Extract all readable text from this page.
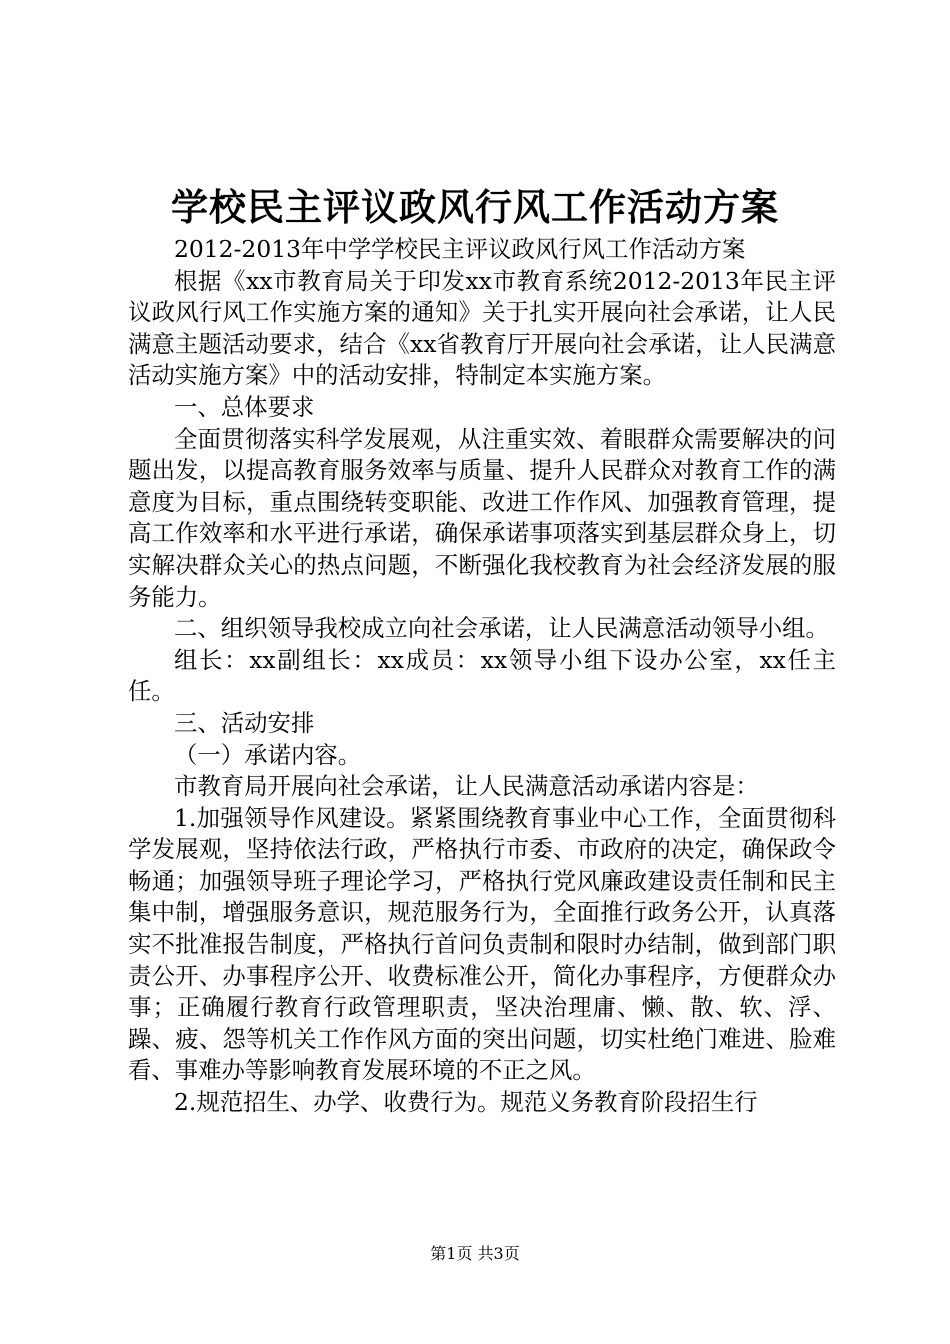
学校民主评议政风行风工作活动方案

2012-2013年中学学校民主评议政风行风工作活动方案

根据《xx市教育局关于印发xx市教育系统2012-2013年民主评议政风行风工作实施方案的通知》关于扎实开展向社会承诺，让人民满意主题活动要求，结合《xx省教育厅开展向社会承诺，让人民满意活动实施方案》中的活动安排，特制定本实施方案。

一、总体要求

全面贯彻落实科学发展观，从注重实效、着眼群众需要解决的问题出发，以提高教育服务效率与质量、提升人民群众对教育工作的满意度为目标，重点围绕转变职能、改进工作作风、加强教育管理，提高工作效率和水平进行承诺，确保承诺事项落实到基层群众身上，切实解决群众关心的热点问题，不断强化我校教育为社会经济发展的服务能力。

二、组织领导我校成立向社会承诺，让人民满意活动领导小组。

组长：xx副组长：xx成员：xx领导小组下设办公室，xx任主任。

三、活动安排

（一）承诺内容。

市教育局开展向社会承诺，让人民满意活动承诺内容是：

1.加强领导作风建设。紧紧围绕教育事业中心工作，全面贯彻科学发展观，坚持依法行政，严格执行市委、市政府的决定，确保政令畅通；加强领导班子理论学习，严格执行党风廉政建设责任制和民主集中制，增强服务意识，规范服务行为，全面推行政务公开，认真落实不批准报告制度，严格执行首问负责制和限时办结制，做到部门职责公开、办事程序公开、收费标准公开，简化办事程序，方便群众办事；正确履行教育行政管理职责，坚决治理庸、懒、散、软、浮、躁、疲、怨等机关工作作风方面的突出问题，切实杜绝门难进、脸难看、事难办等影响教育发展环境的不正之风。

2.规范招生、办学、收费行为。规范义务教育阶段招生行

第1页 共3页
